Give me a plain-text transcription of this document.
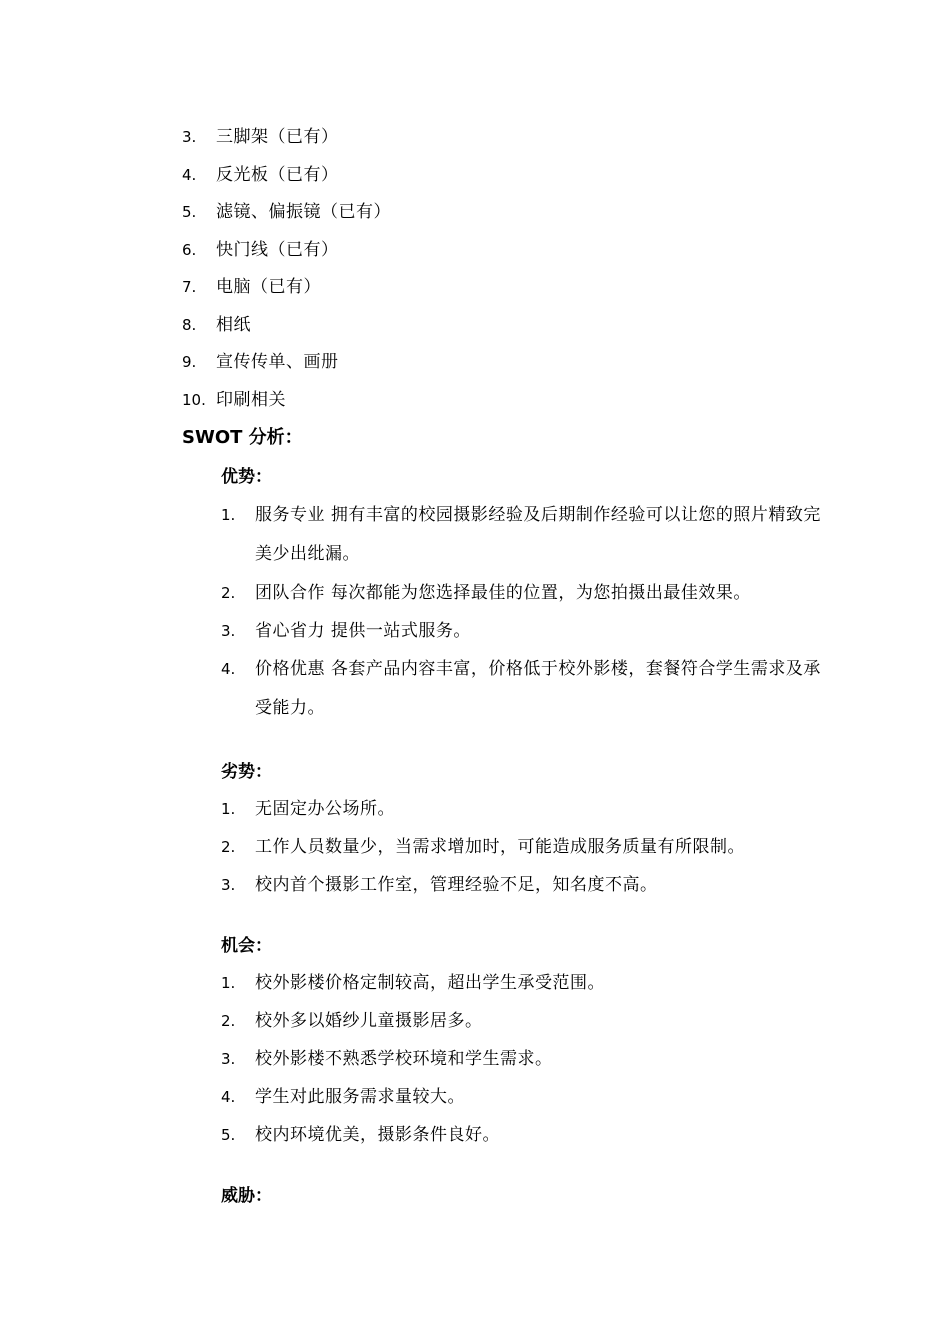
3. 三脚架（已有）
4. 反光板（已有）
5. 滤镜、偏振镜（已有）
6. 快门线（已有）
7. 电脑（已有）
8. 相纸
9. 宣传传单、画册
10. 印刷相关
SWOT 分析：
优势：
1. 服务专业 拥有丰富的校园摄影经验及后期制作经验可以让您的照片精致完美少出纰漏。
2. 团队合作 每次都能为您选择最佳的位置，为您拍摄出最佳效果。
3. 省心省力 提供一站式服务。
4. 价格优惠 各套产品内容丰富，价格低于校外影楼，套餐符合学生需求及承受能力。
劣势：
1. 无固定办公场所。
2. 工作人员数量少，当需求增加时，可能造成服务质量有所限制。
3. 校内首个摄影工作室，管理经验不足，知名度不高。
机会：
1. 校外影楼价格定制较高，超出学生承受范围。
2. 校外多以婚纱儿童摄影居多。
3. 校外影楼不熟悉学校环境和学生需求。
4. 学生对此服务需求量较大。
5. 校内环境优美，摄影条件良好。
威胁：
